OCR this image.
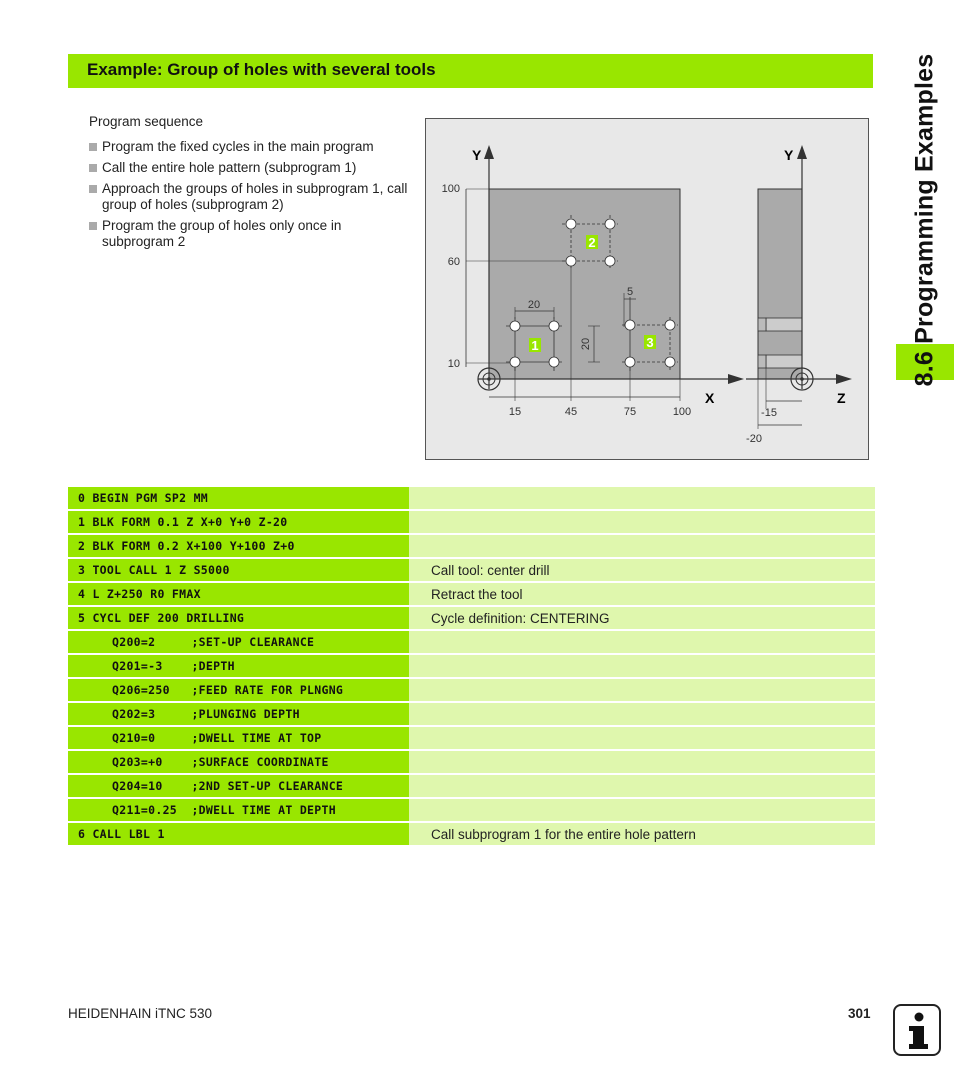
Example: Group of holes with several tools	8.6 Programming Examples
Program sequence
Program the fixed cycles in the main program
Call the entire hole pattern (subprogram 1)
Approach the groups of holes in subprogram 1, call group of holes (subprogram 2)
Program the group of holes only once in subprogram 2
1
2
3
Y
X
Y
Z
100
60
10
15	45	75	100
20
5
20
-15
-20
0 BEGIN PGM SP2 MM	
1 BLK FORM 0.1 Z X+0 Y+0 Z-20	
2 BLK FORM 0.2 X+100 Y+100 Z+0	
3 TOOL CALL 1 Z S5000	Call tool: center drill
4 L Z+250 R0 FMAX	Retract the tool
5 CYCL DEF 200 DRILLING	Cycle definition: CENTERING
Q200=2     ;SET-UP CLEARANCE	
Q201=-3    ;DEPTH	
Q206=250   ;FEED RATE FOR PLNGNG	
Q202=3     ;PLUNGING DEPTH	
Q210=0     ;DWELL TIME AT TOP	
Q203=+0    ;SURFACE COORDINATE	
Q204=10    ;2ND SET-UP CLEARANCE	
Q211=0.25  ;DWELL TIME AT DEPTH	
6 CALL LBL 1	Call subprogram 1 for the entire hole pattern
HEIDENHAIN iTNC 530	301
